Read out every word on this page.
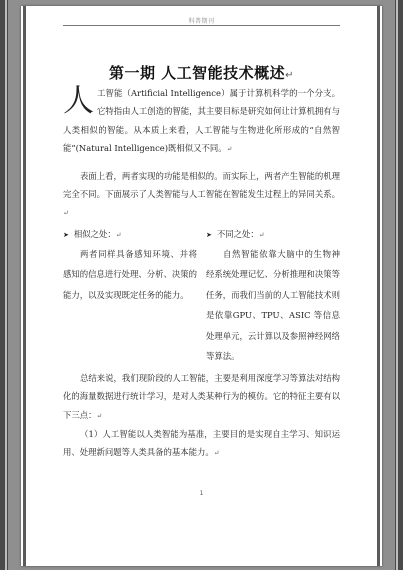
科普期刊
第一期 人工智能技术概述↵

人工智能（Artificial Intelligence）属于计算机科学的一个分支。它特指由人工创造的智能，其主要目标是研究如何让计算机拥有与人类相似的智能。从本质上来看，人工智能与生物进化所形成的“自然智能”(Natural Intelligence)既相似又不同。↵

表面上看，两者实现的功能是相似的。而实际上，两者产生智能的机理完全不同。下面展示了人类智能与人工智能在智能发生过程上的异同关系。↵

➤ 相似之处：↵

两者同样具备感知环境、并将感知的信息进行处理、分析、决策的能力，以及实现既定任务的能力。

➤ 不同之处：↵

自然智能依靠大脑中的生物神经系统处理记忆、分析推理和决策等任务，而我们当前的人工智能技术则是依靠GPU、TPU、ASIC 等信息处理单元，云计算以及参照神经网络等算法。

总结来说，我们现阶段的人工智能，主要是利用深度学习等算法对结构化的海量数据进行统计学习，是对人类某种行为的模仿。它的特征主要有以下三点：↵

（1）人工智能以人类智能为基准，主要目的是实现自主学习、知识运用、处理新问题等人类具备的基本能力。↵

1
